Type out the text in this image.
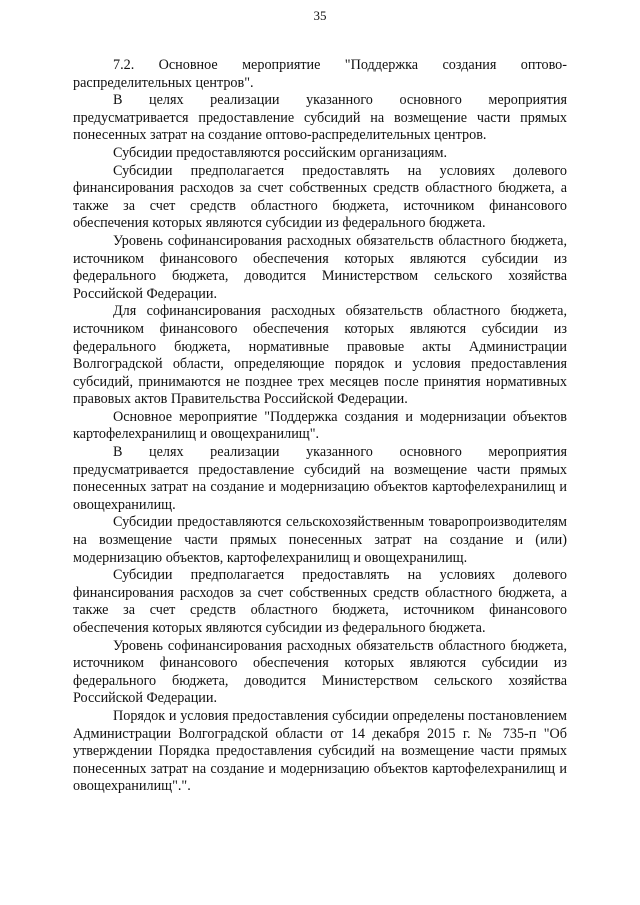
35

7.2. Основное мероприятие "Поддержка создания оптово-распределительных центров".

В целях реализации указанного основного мероприятия предусматривается предоставление субсидий на возмещение части прямых понесенных затрат на создание оптово-распределительных центров.

Субсидии предоставляются российским организациям.

Субсидии предполагается предоставлять на условиях долевого финансирования расходов за счет собственных средств областного бюджета, а также за счет средств областного бюджета, источником финансового обеспечения которых являются субсидии из федерального бюджета.

Уровень софинансирования расходных обязательств областного бюджета, источником финансового обеспечения которых являются субсидии из федерального бюджета, доводится Министерством сельского хозяйства Российской Федерации.

Для софинансирования расходных обязательств областного бюджета, источником финансового обеспечения которых являются субсидии из федерального бюджета, нормативные правовые акты Администрации Волгоградской области, определяющие порядок и условия предоставления субсидий, принимаются не позднее трех месяцев после принятия нормативных правовых актов Правительства Российской Федерации.

Основное мероприятие "Поддержка создания и модернизации объектов картофелехранилищ и овощехранилищ".

В целях реализации указанного основного мероприятия предусматривается предоставление субсидий на возмещение части прямых понесенных затрат на создание и модернизацию объектов картофелехранилищ и овощехранилищ.

Субсидии предоставляются сельскохозяйственным товаропроизводителям на возмещение части прямых понесенных затрат на создание и (или) модернизацию объектов, картофелехранилищ и овощехранилищ.

Субсидии предполагается предоставлять на условиях долевого финансирования расходов за счет собственных средств областного бюджета, а также за счет средств областного бюджета, источником финансового обеспечения которых являются субсидии из федерального бюджета.

Уровень софинансирования расходных обязательств областного бюджета, источником финансового обеспечения которых являются субсидии из федерального бюджета, доводится Министерством сельского хозяйства Российской Федерации.

Порядок и условия предоставления субсидии определены постановлением Администрации Волгоградской области от 14 декабря 2015 г. № 735-п "Об утверждении Порядка предоставления субсидий на возмещение части прямых понесенных затрат на создание и модернизацию объектов картофелехранилищ и овощехранилищ".".
